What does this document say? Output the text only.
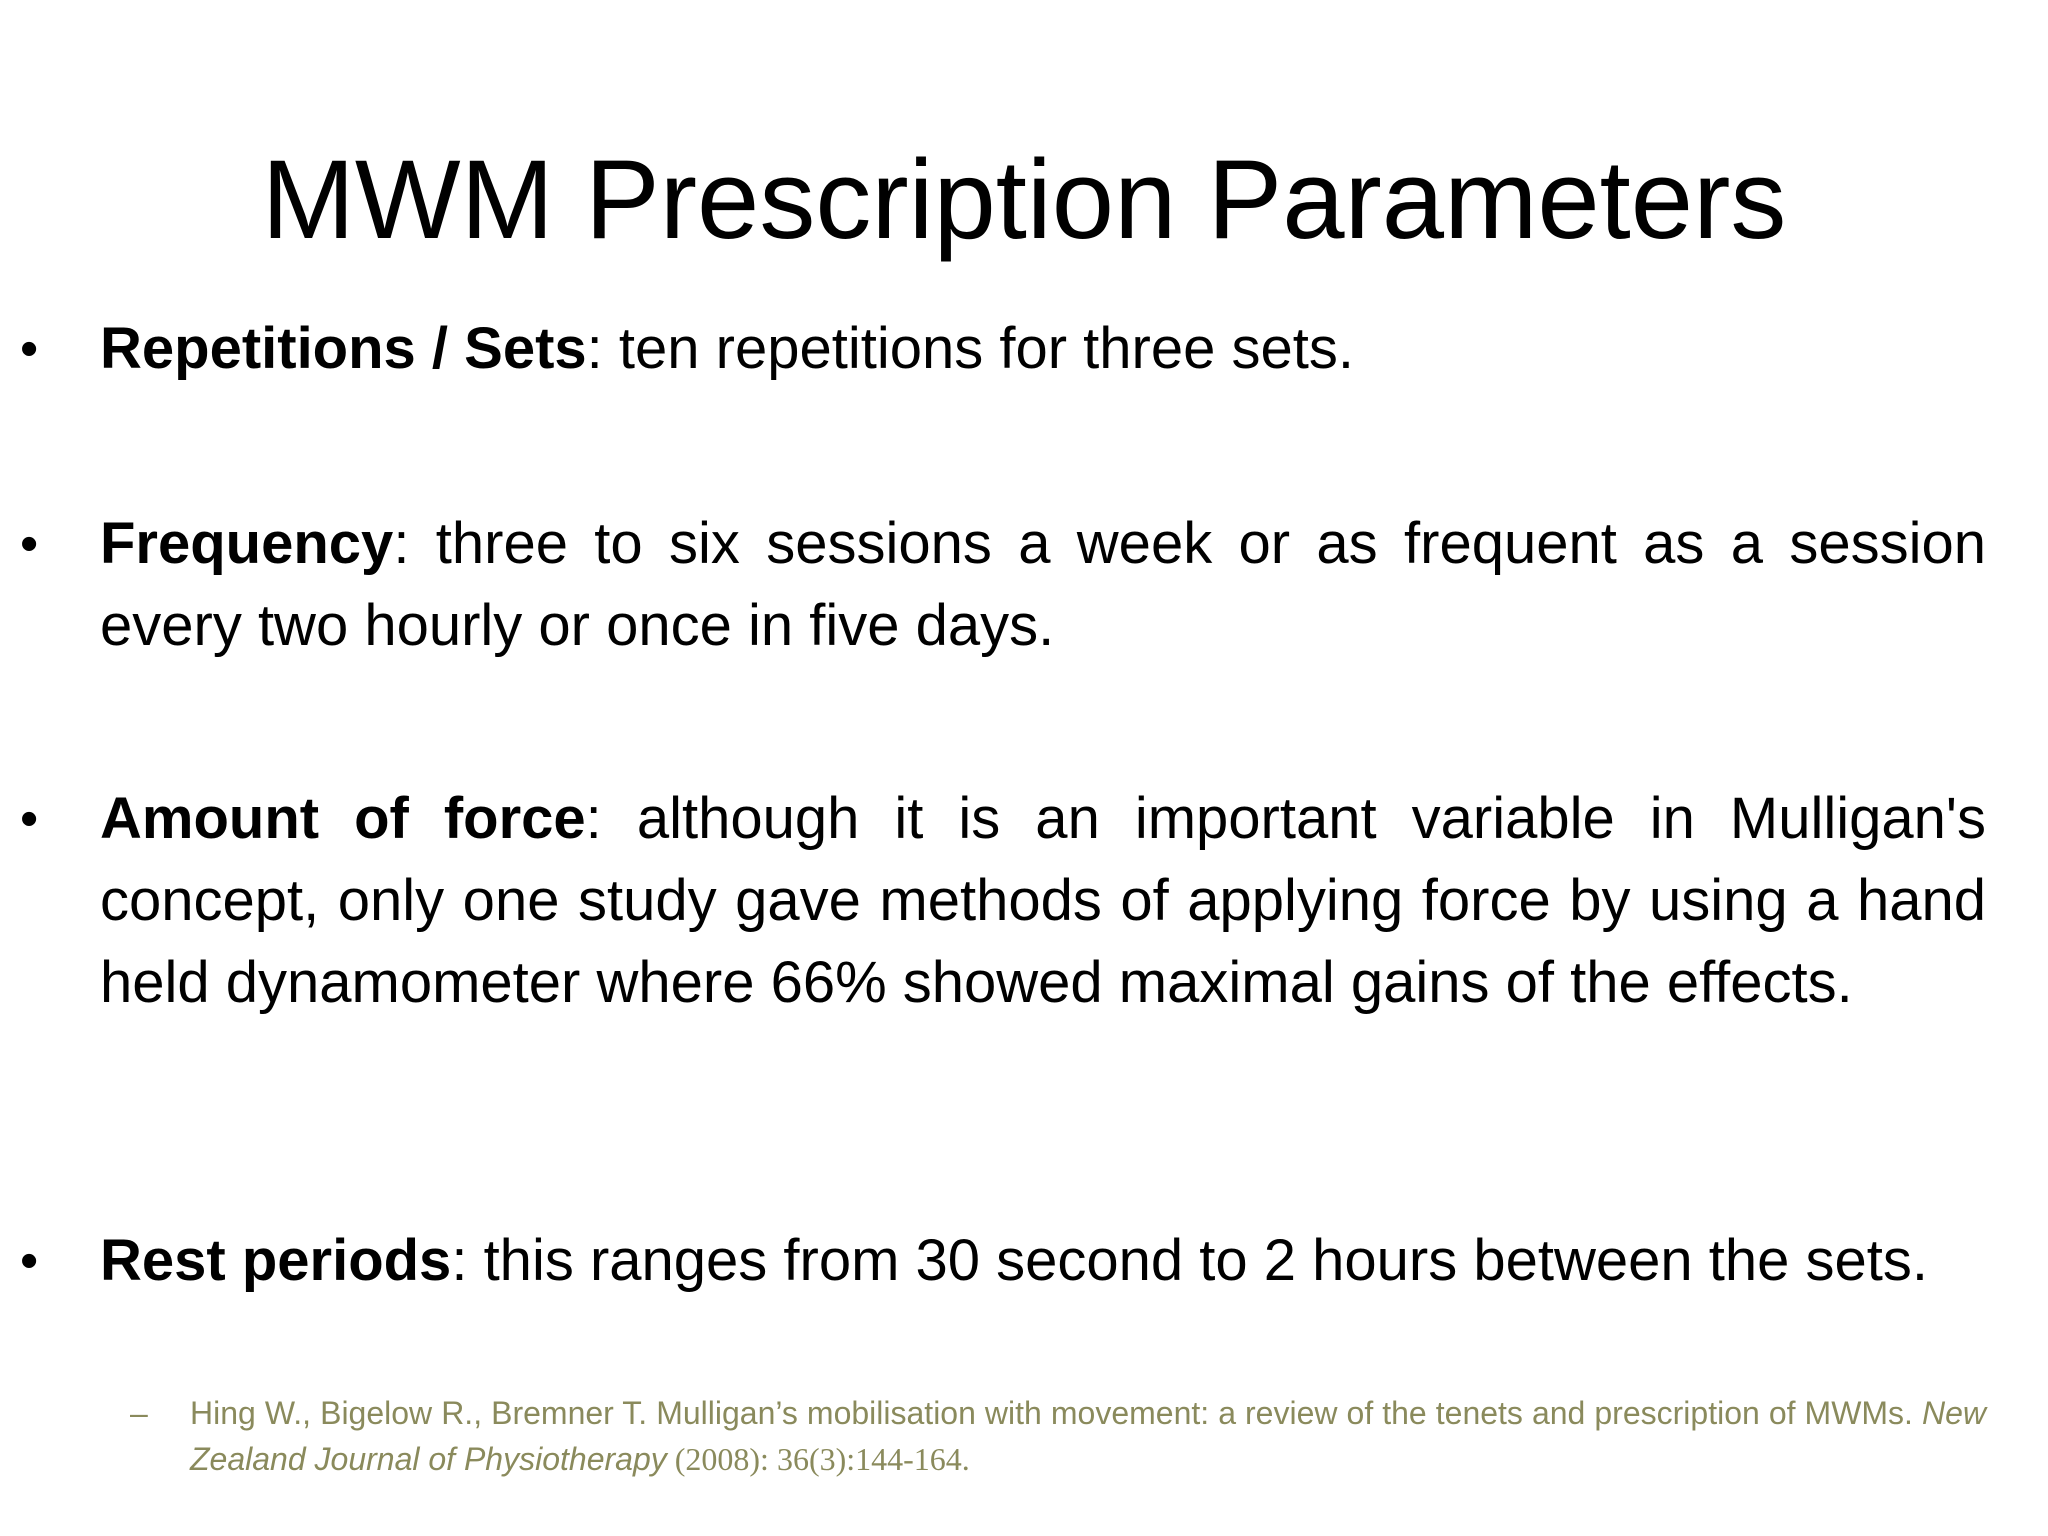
MWM Prescription Parameters
•	Repetitions / Sets: ten repetitions for three sets.
•	Frequency: three to six sessions a week or as frequent as a session every two hourly or once in five days.
•	Amount of force: although it is an important variable in Mulligan's concept, only one study gave methods of applying force by using a hand held dynamometer where 66% showed maximal gains of the effects.
•	Rest periods: this ranges from 30 second to 2 hours between the sets.
–	Hing W., Bigelow R., Bremner T. Mulligan’s mobilisation with movement: a review of the tenets and prescription of MWMs. New Zealand Journal of Physiotherapy (2008): 36(3):144-164.
